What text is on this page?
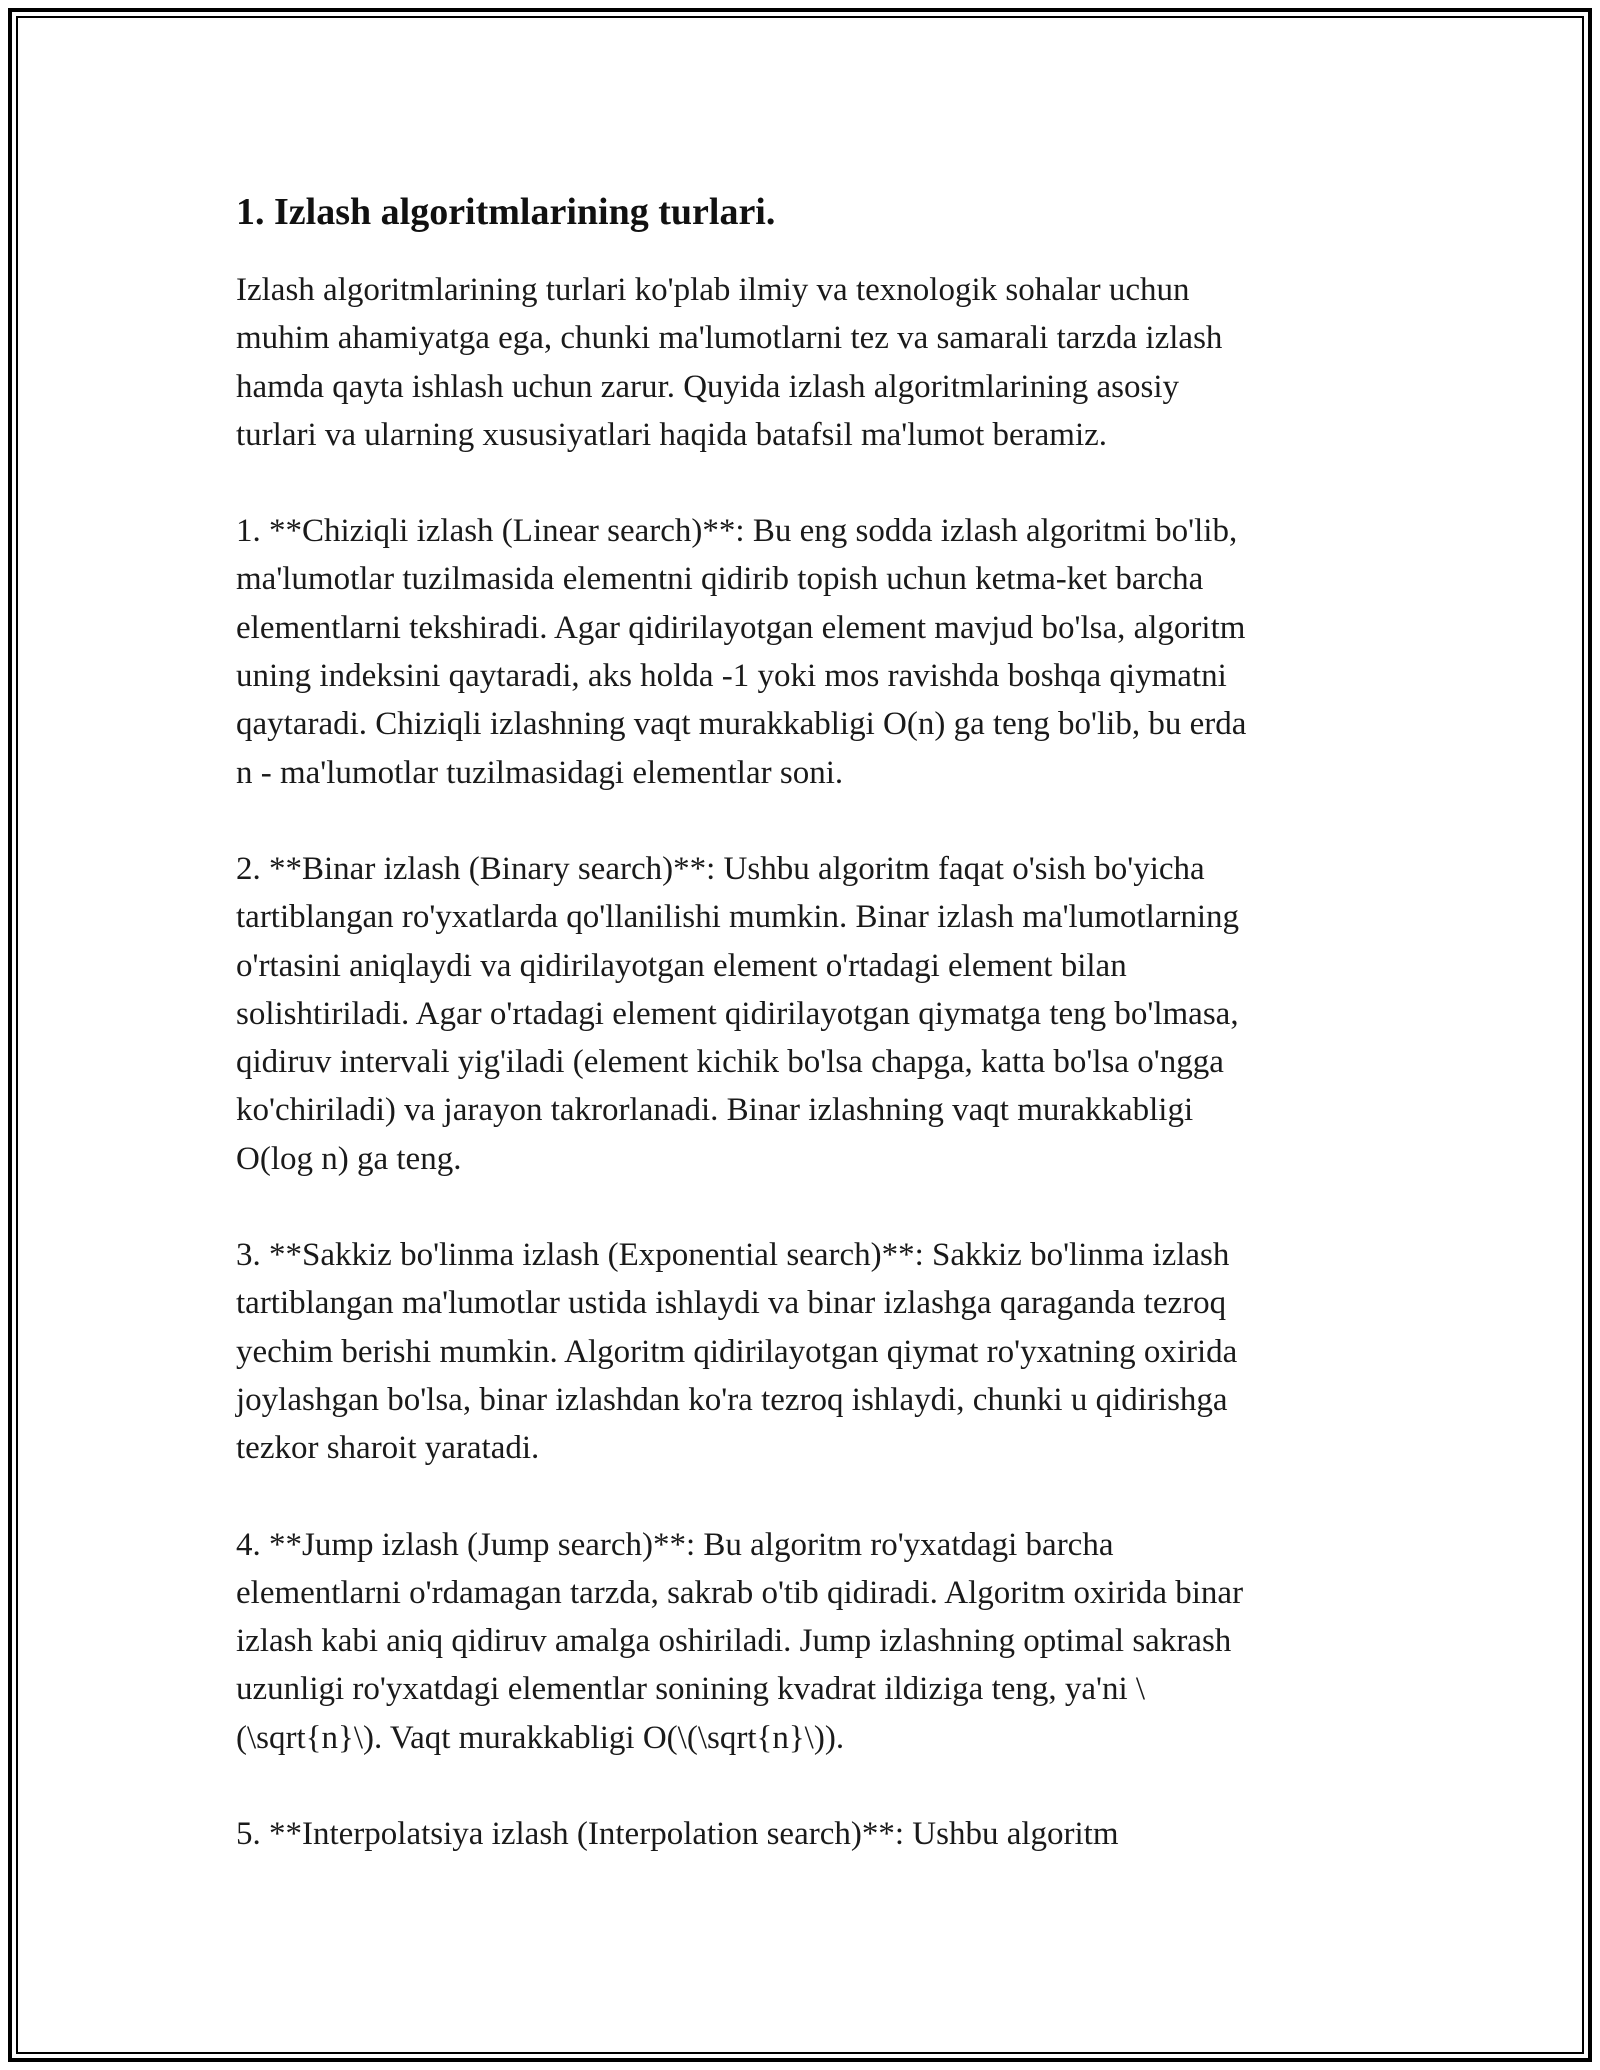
1. Izlash algoritmlarining turlari.

Izlash algoritmlarining turlari ko'plab ilmiy va texnologik sohalar uchun
muhim ahamiyatga ega, chunki ma'lumotlarni tez va samarali tarzda izlash
hamda qayta ishlash uchun zarur. Quyida izlash algoritmlarining asosiy
turlari va ularning xususiyatlari haqida batafsil ma'lumot beramiz.

1. **Chiziqli izlash (Linear search)**: Bu eng sodda izlash algoritmi bo'lib,
ma'lumotlar tuzilmasida elementni qidirib topish uchun ketma-ket barcha
elementlarni tekshiradi. Agar qidirilayotgan element mavjud bo'lsa, algoritm
uning indeksini qaytaradi, aks holda -1 yoki mos ravishda boshqa qiymatni
qaytaradi. Chiziqli izlashning vaqt murakkabligi O(n) ga teng bo'lib, bu erda
n - ma'lumotlar tuzilmasidagi elementlar soni.

2. **Binar izlash (Binary search)**: Ushbu algoritm faqat o'sish bo'yicha
tartiblangan ro'yxatlarda qo'llanilishi mumkin. Binar izlash ma'lumotlarning
o'rtasini aniqlaydi va qidirilayotgan element o'rtadagi element bilan
solishtiriladi. Agar o'rtadagi element qidirilayotgan qiymatga teng bo'lmasa,
qidiruv intervali yig'iladi (element kichik bo'lsa chapga, katta bo'lsa o'ngga
ko'chiriladi) va jarayon takrorlanadi. Binar izlashning vaqt murakkabligi
O(log n) ga teng.

3. **Sakkiz bo'linma izlash (Exponential search)**: Sakkiz bo'linma izlash
tartiblangan ma'lumotlar ustida ishlaydi va binar izlashga qaraganda tezroq
yechim berishi mumkin. Algoritm qidirilayotgan qiymat ro'yxatning oxirida
joylashgan bo'lsa, binar izlashdan ko'ra tezroq ishlaydi, chunki u qidirishga
tezkor sharoit yaratadi.

4. **Jump izlash (Jump search)**: Bu algoritm ro'yxatdagi barcha
elementlarni o'rdamagan tarzda, sakrab o'tib qidiradi. Algoritm oxirida binar
izlash kabi aniq qidiruv amalga oshiriladi. Jump izlashning optimal sakrash
uzunligi ro'yxatdagi elementlar sonining kvadrat ildiziga teng, ya'ni \
(\sqrt{n}\). Vaqt murakkabligi O(\(\sqrt{n}\)).

5. **Interpolatsiya izlash (Interpolation search)**: Ushbu algoritm
